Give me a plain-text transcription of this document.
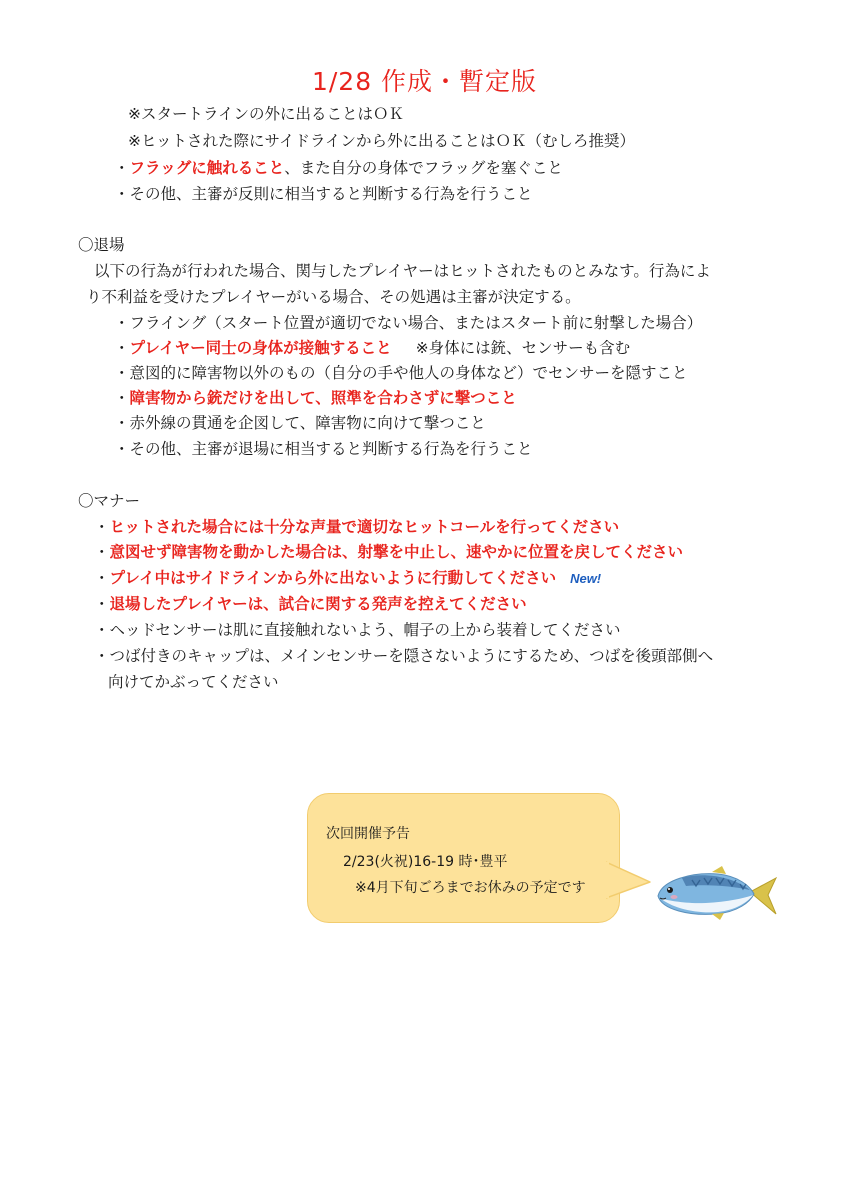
1/28 作成・暫定版
※スタートラインの外に出ることはＯＫ
※ヒットされた際にサイドラインから外に出ることはＯＫ（むしろ推奨）
・フラッグに触れること、また自分の身体でフラッグを塞ぐこと
・その他、主審が反則に相当すると判断する行為を行うこと
〇退場
以下の行為が行われた場合、関与したプレイヤーはヒットされたものとみなす。行為によ
り不利益を受けたプレイヤーがいる場合、その処遇は主審が決定する。
・フライング（スタート位置が適切でない場合、またはスタート前に射撃した場合）
・プレイヤー同士の身体が接触すること ※身体には銃、センサーも含む
・意図的に障害物以外のもの（自分の手や他人の身体など）でセンサーを隠すこと
・障害物から銃だけを出して、照準を合わさずに撃つこと
・赤外線の貫通を企図して、障害物に向けて撃つこと
・その他、主審が退場に相当すると判断する行為を行うこと
〇マナー
・ヒットされた場合には十分な声量で適切なヒットコールを行ってください
・意図せず障害物を動かした場合は、射撃を中止し、速やかに位置を戻してください
・プレイ中はサイドラインから外に出ないように行動してください New!
・退場したプレイヤーは、試合に関する発声を控えてください
・ヘッドセンサーは肌に直接触れないよう、帽子の上から装着してください
・つば付きのキャップは、メインセンサーを隠さないようにするため、つばを後頭部側へ
向けてかぶってください
次回開催予告
2/23(火祝)16-19 時･豊平
※4月下旬ごろまでお休みの予定です
